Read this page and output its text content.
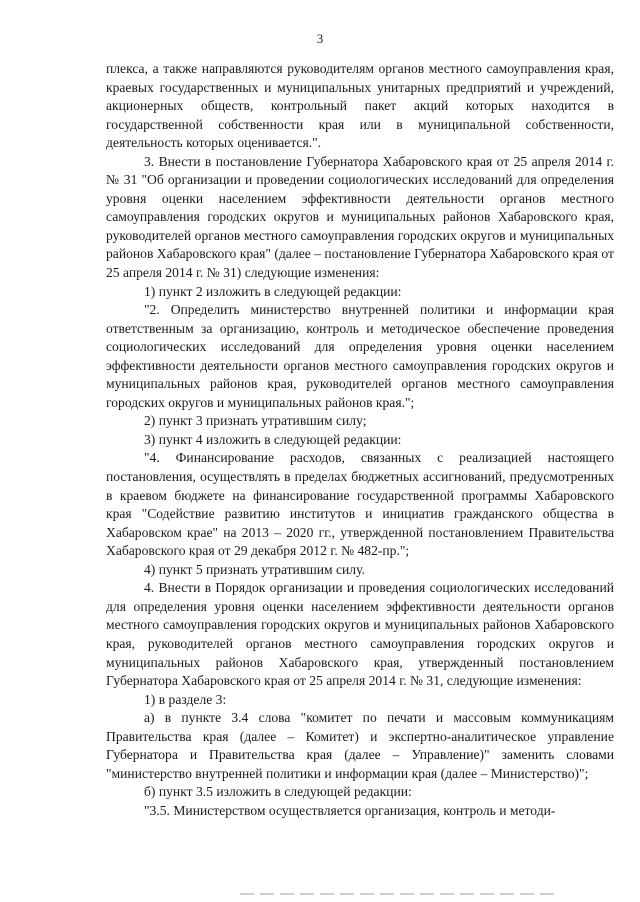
3

плекса, а также направляются руководителям органов местного самоуправления края, краевых государственных и муниципальных унитарных предприятий и учреждений, акционерных обществ, контрольный пакет акций которых находится в государственной собственности края или в муниципальной собственности, деятельность которых оценивается.".

3. Внести в постановление Губернатора Хабаровского края от 25 апреля 2014 г. № 31 "Об организации и проведении социологических исследований для определения уровня оценки населением эффективности деятельности органов местного самоуправления городских округов и муниципальных районов Хабаровского края, руководителей органов местного самоуправления городских округов и муниципальных районов Хабаровского края" (далее – постановление Губернатора Хабаровского края от 25 апреля 2014 г. № 31) следующие изменения:

1) пункт 2 изложить в следующей редакции:

"2. Определить министерство внутренней политики и информации края ответственным за организацию, контроль и методическое обеспечение проведения социологических исследований для определения уровня оценки населением эффективности деятельности органов местного самоуправления городских округов и муниципальных районов края, руководителей органов местного самоуправления городских округов и муниципальных районов края.";

2) пункт 3 признать утратившим силу;

3) пункт 4 изложить в следующей редакции:

"4. Финансирование расходов, связанных с реализацией настоящего постановления, осуществлять в пределах бюджетных ассигнований, предусмотренных в краевом бюджете на финансирование государственной программы Хабаровского края "Содействие развитию институтов и инициатив гражданского общества в Хабаровском крае" на 2013 – 2020 гг., утвержденной постановлением Правительства Хабаровского края от 29 декабря 2012 г. № 482-пр.";

4) пункт 5 признать утратившим силу.

4. Внести в Порядок организации и проведения социологических исследований для определения уровня оценки населением эффективности деятельности органов местного самоуправления городских округов и муниципальных районов Хабаровского края, руководителей органов местного самоуправления городских округов и муниципальных районов Хабаровского края, утвержденный постановлением Губернатора Хабаровского края от 25 апреля 2014 г. № 31, следующие изменения:

1) в разделе 3:

а) в пункте 3.4 слова "комитет по печати и массовым коммуникациям Правительства края (далее – Комитет) и экспертно-аналитическое управление Губернатора и Правительства края (далее – Управление)" заменить словами "министерство внутренней политики и информации края (далее – Министерство)";

б) пункт 3.5 изложить в следующей редакции:

"3.5. Министерством осуществляется организация, контроль и методи-
